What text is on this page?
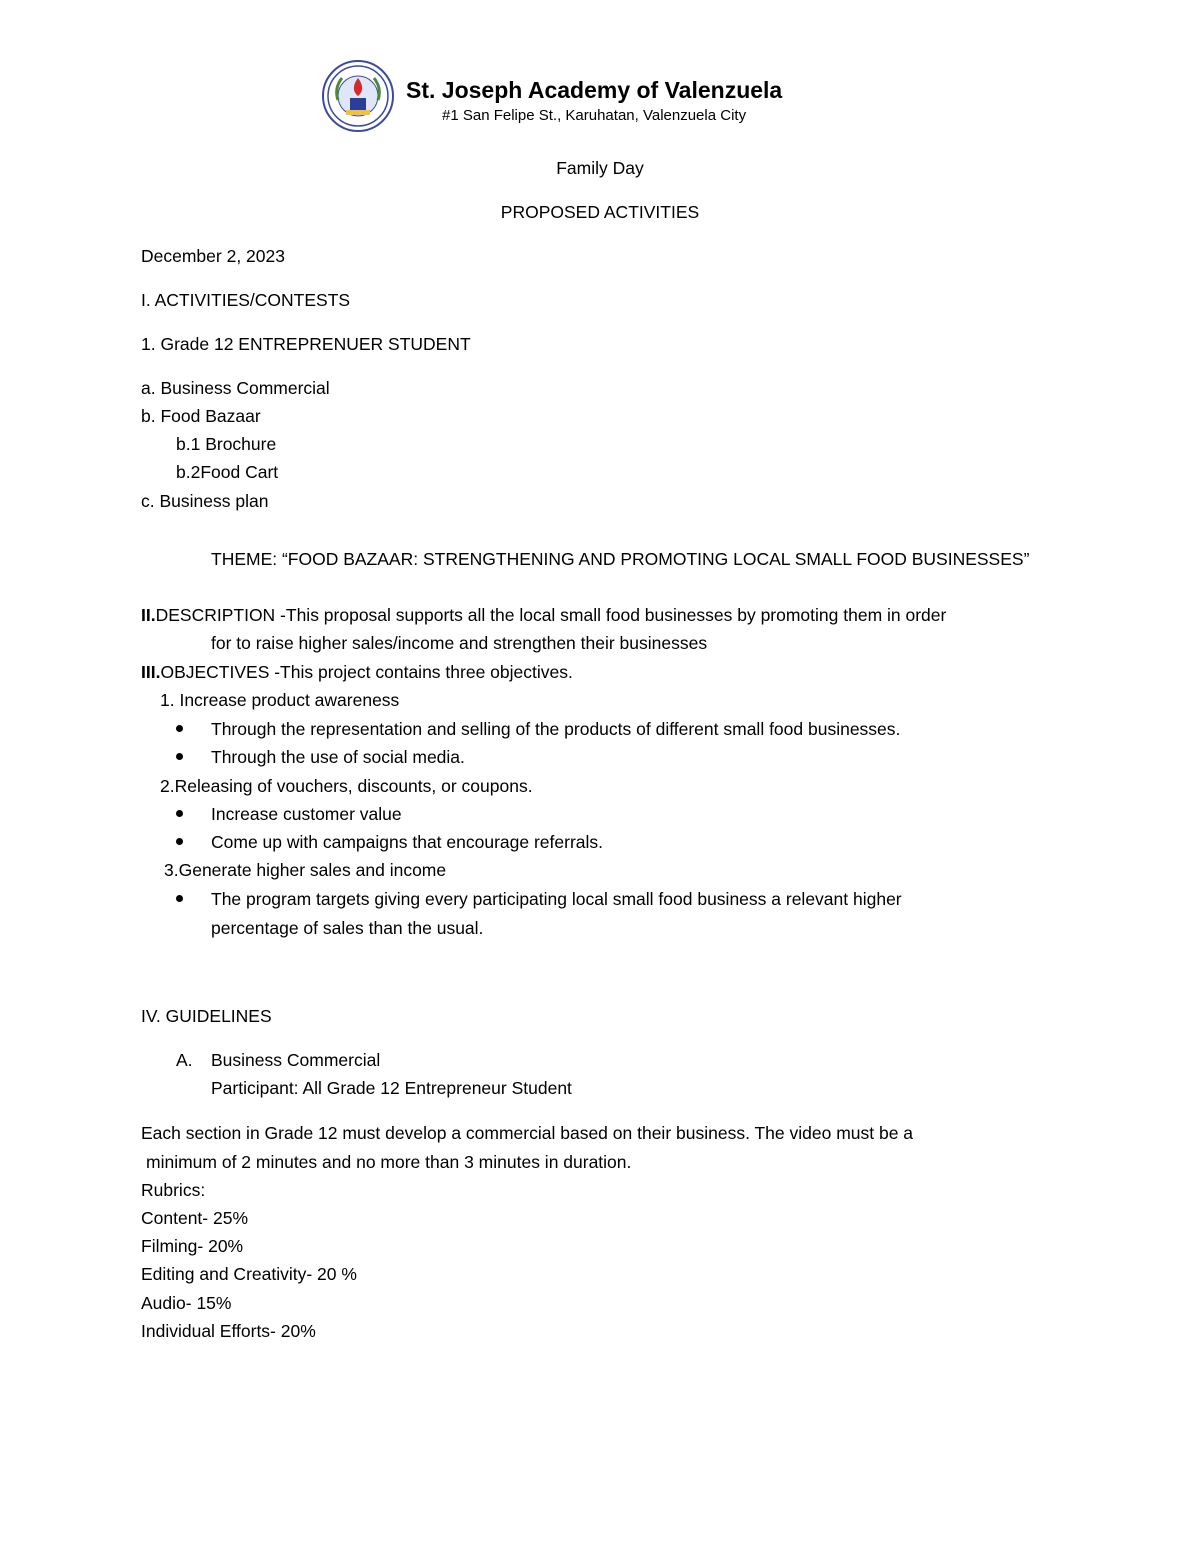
St. Joseph Academy of Valenzuela
#1 San Felipe St., Karuhatan, Valenzuela City
Family Day
PROPOSED ACTIVITIES
December 2, 2023
I. ACTIVITIES/CONTESTS
1. Grade 12 ENTREPRENUER STUDENT
a. Business Commercial
b. Food Bazaar
b.1 Brochure
b.2Food Cart
c. Business plan
THEME: “FOOD BAZAAR: STRENGTHENING AND PROMOTING LOCAL SMALL FOOD BUSINESSES”
II.DESCRIPTION -This proposal supports all the local small food businesses by promoting them in order
for to raise higher sales/income and strengthen their businesses
III.OBJECTIVES -This project contains three objectives.
1. Increase product awareness
Through the representation and selling of the products of different small food businesses.
Through the use of social media.
2.Releasing of vouchers, discounts, or coupons.
Increase customer value
Come up with campaigns that encourage referrals.
3.Generate higher sales and income
The program targets giving every participating local small food business a relevant higher
percentage of sales than the usual.
IV. GUIDELINES
A. Business Commercial
Participant: All Grade 12 Entrepreneur Student
Each section in Grade 12 must develop a commercial based on their business. The video must be a
minimum of 2 minutes and no more than 3 minutes in duration.
Rubrics:
Content- 25%
Filming- 20%
Editing and Creativity- 20 %
Audio- 15%
Individual Efforts- 20%
